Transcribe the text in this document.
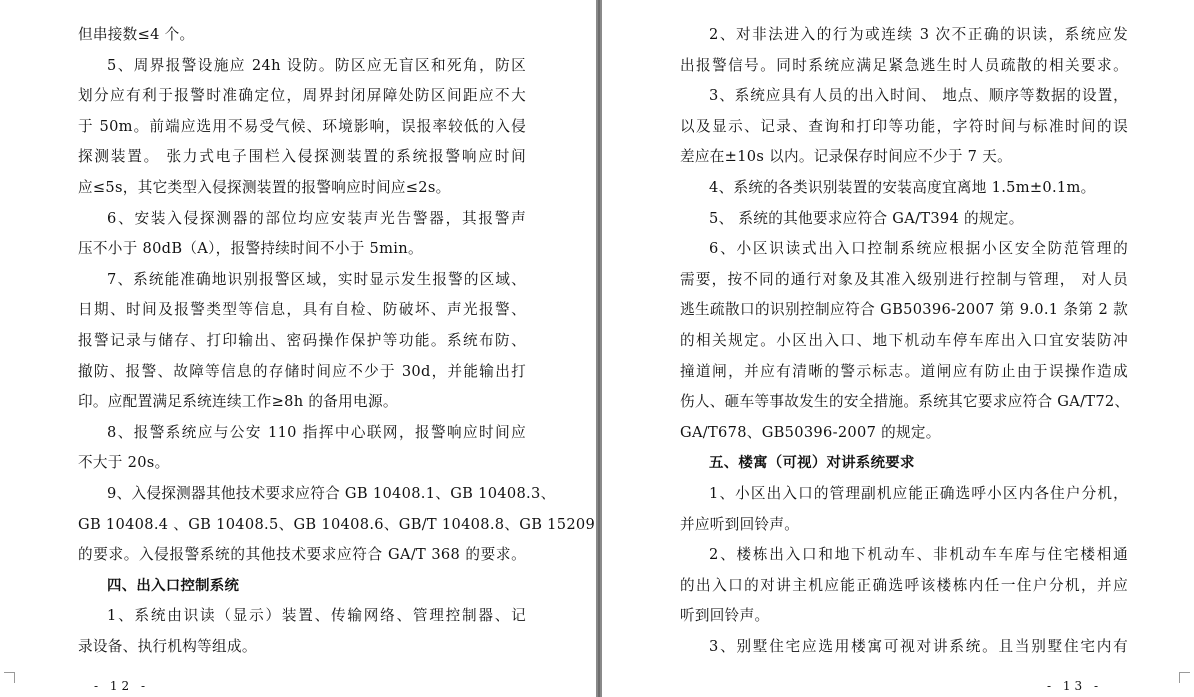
但串接数≤4 个。
5、周界报警设施应 24h 设防。防区应无盲区和死角，防区
划分应有利于报警时准确定位，周界封闭屏障处防区间距应不大
于 50m。前端应选用不易受气候、环境影响，误报率较低的入侵
探测装置。 张力式电子围栏入侵探测装置的系统报警响应时间
应≤5s，其它类型入侵探测装置的报警响应时间应≤2s。
6、安装入侵探测器的部位均应安装声光告警器，其报警声
压不小于 80dB（A），报警持续时间不小于 5min。
7、系统能准确地识别报警区域，实时显示发生报警的区域、
日期、时间及报警类型等信息，具有自检、防破坏、声光报警、
报警记录与储存、打印输出、密码操作保护等功能。系统布防、
撤防、报警、故障等信息的存储时间应不少于 30d，并能输出打
印。应配置满足系统连续工作≥8h 的备用电源。
8、报警系统应与公安 110 指挥中心联网，报警响应时间应
不大于 20s。
9、入侵探测器其他技术要求应符合 GB 10408.1、GB 10408.3、
GB 10408.4 、GB 10408.5、GB 10408.6、GB/T 10408.8、GB 15209
的要求。入侵报警系统的其他技术要求应符合 GA/T 368 的要求。
四、出入口控制系统
1、系统由识读（显示）装置、传输网络、管理控制器、记
录设备、执行机构等组成。
- 12 -
2、对非法进入的行为或连续 3 次不正确的识读，系统应发
出报警信号。同时系统应满足紧急逃生时人员疏散的相关要求。
3、系统应具有人员的出入时间、 地点、顺序等数据的设置，
以及显示、记录、查询和打印等功能，字符时间与标准时间的误
差应在±10s 以内。记录保存时间应不少于 7 天。
4、系统的各类识别装置的安装高度宜离地 1.5m±0.1m。
5、 系统的其他要求应符合 GA/T394 的规定。
6、小区识读式出入口控制系统应根据小区安全防范管理的
需要，按不同的通行对象及其准入级别进行控制与管理， 对人员
逃生疏散口的识别控制应符合 GB50396-2007 第 9.0.1 条第 2 款
的相关规定。小区出入口、地下机动车停车库出入口宜安装防冲
撞道闸，并应有清晰的警示标志。道闸应有防止由于误操作造成
伤人、砸车等事故发生的安全措施。系统其它要求应符合 GA/T72、
GA/T678、GB50396-2007 的规定。
五、楼寓（可视）对讲系统要求
1、小区出入口的管理副机应能正确选呼小区内各住户分机，
并应听到回铃声。
2、楼栋出入口和地下机动车、非机动车车库与住宅楼相通
的出入口的对讲主机应能正确选呼该楼栋内任一住户分机，并应
听到回铃声。
3、别墅住宅应选用楼寓可视对讲系统。且当别墅住宅内有
- 13 -
